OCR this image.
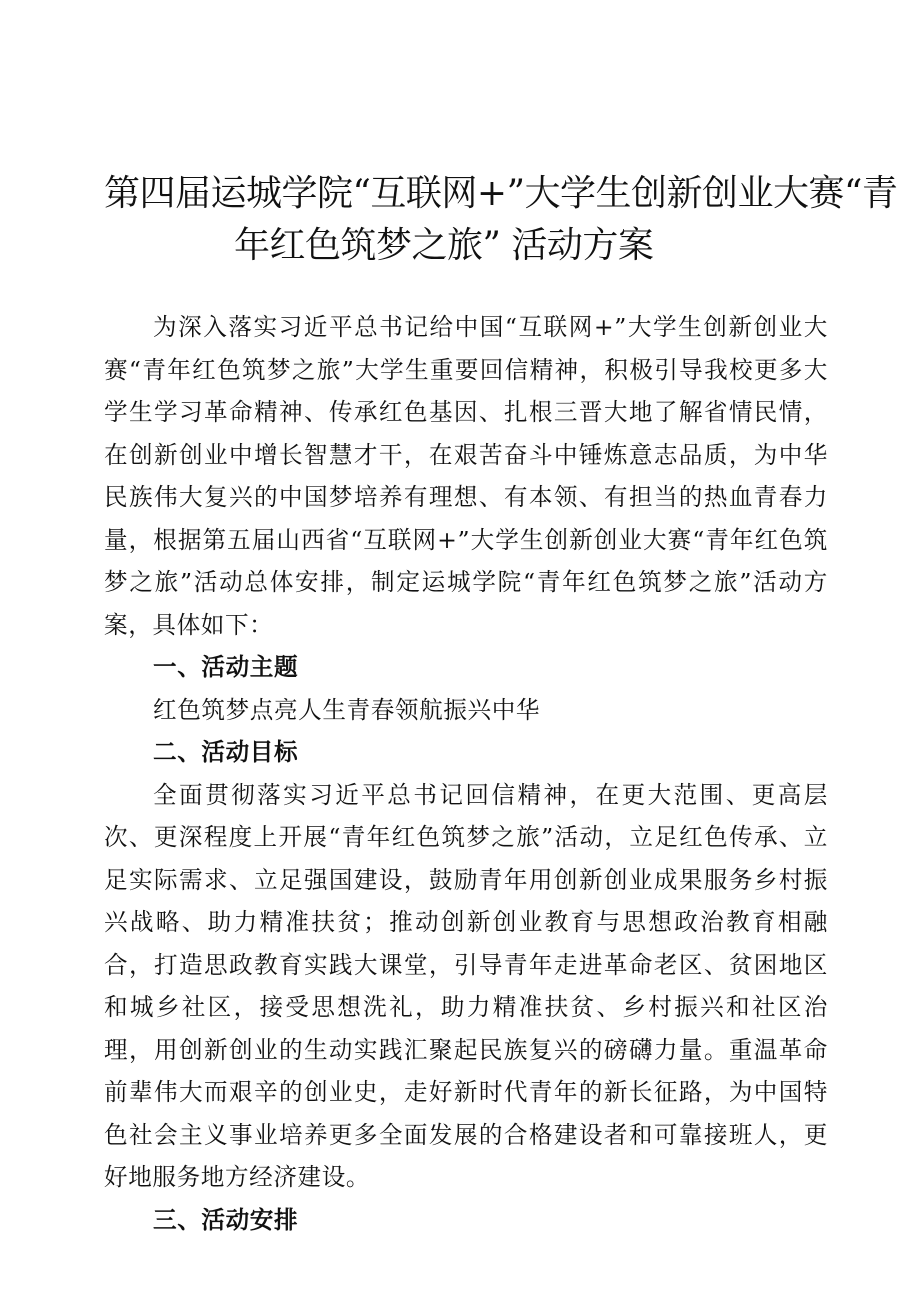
第四届运城学院“互联网+”大学生创新创业大赛“青
年红色筑梦之旅” 活动方案

为深入落实习近平总书记给中国“互联网+”大学生创新创业大赛“青年红色筑梦之旅”大学生重要回信精神，积极引导我校更多大学生学习革命精神、传承红色基因、扎根三晋大地了解省情民情，在创新创业中增长智慧才干，在艰苦奋斗中锤炼意志品质，为中华民族伟大复兴的中国梦培养有理想、有本领、有担当的热血青春力量，根据第五届山西省“互联网+”大学生创新创业大赛“青年红色筑梦之旅”活动总体安排，制定运城学院“青年红色筑梦之旅”活动方案，具体如下：

一、活动主题

红色筑梦点亮人生青春领航振兴中华

二、活动目标

全面贯彻落实习近平总书记回信精神，在更大范围、更高层次、更深程度上开展“青年红色筑梦之旅”活动，立足红色传承、立足实际需求、立足强国建设，鼓励青年用创新创业成果服务乡村振兴战略、助力精准扶贫；推动创新创业教育与思想政治教育相融合，打造思政教育实践大课堂，引导青年走进革命老区、贫困地区和城乡社区，接受思想洗礼，助力精准扶贫、乡村振兴和社区治理，用创新创业的生动实践汇聚起民族复兴的磅礴力量。重温革命前辈伟大而艰辛的创业史，走好新时代青年的新长征路，为中国特色社会主义事业培养更多全面发展的合格建设者和可靠接班人，更好地服务地方经济建设。

三、活动安排
